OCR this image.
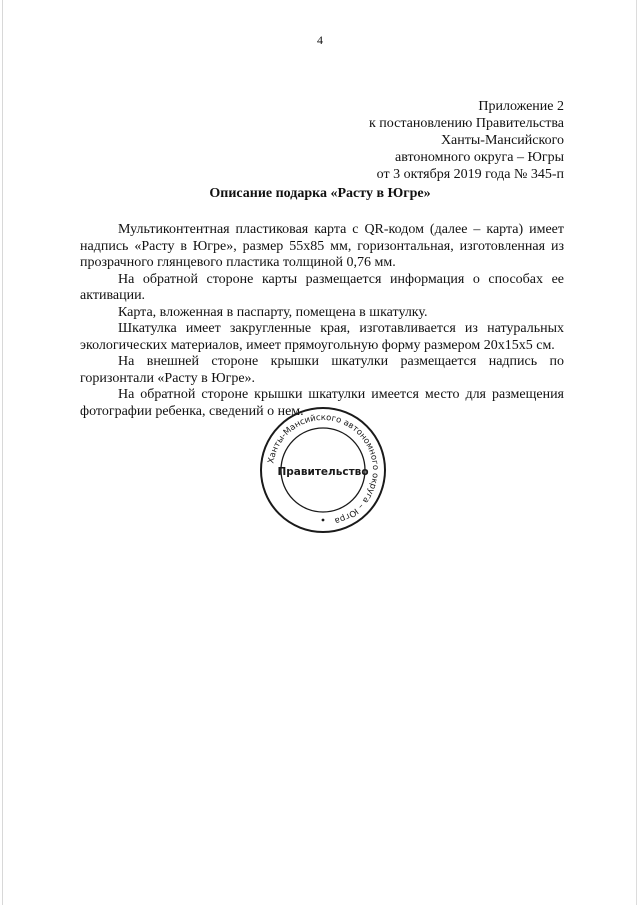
4
Приложение 2
к постановлению Правительства
Ханты-Мансийского
автономного округа – Югры
от 3 октября 2019 года № 345-п
Описание подарка «Расту в Югре»

Мультиконтентная пластиковая карта с QR-кодом (далее – карта) имеет надпись «Расту в Югре», размер 55х85 мм, горизонтальная, изготовленная из прозрачного глянцевого пластика толщиной 0,76 мм.

На обратной стороне карты размещается информация о способах ее активации.

Карта, вложенная в паспарту, помещена в шкатулку.

Шкатулка имеет закругленные края, изготавливается из натуральных экологических материалов, имеет прямоугольную форму размером 20х15х5 см.

На внешней стороне крышки шкатулки размещается надпись по горизонтали «Расту в Югре».

На обратной стороне крышки шкатулки имеется место для размещения фотографии ребенка, сведений о нем.

Ханты-Мансийского автономного округа – Югра
Правительство
